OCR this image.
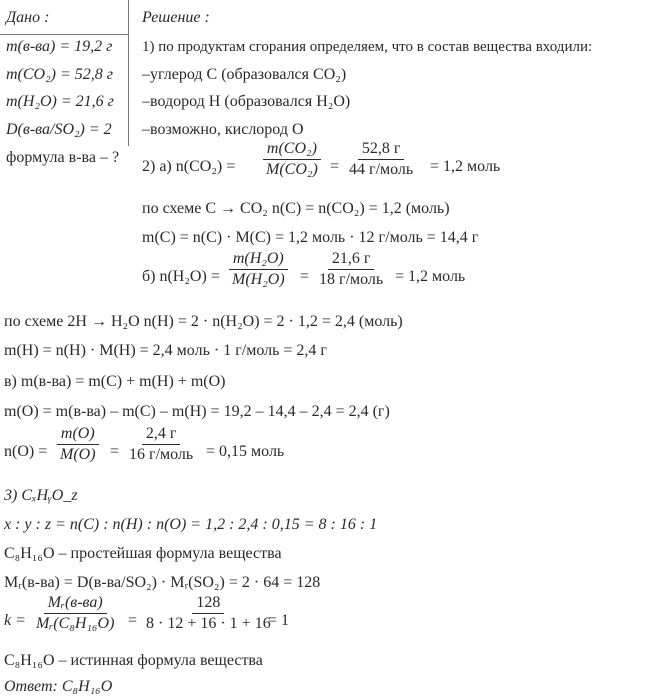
Дано :
m(в-ва) = 19,2 г
m(CO₂) = 52,8 г
m(H₂O) = 21,6 г
D(в-ва/SO₂) = 2
формула в-ва – ?
Решение :
1) по продуктам сгорания определяем, что в состав вещества входили:
–углерод C (образовался CO₂)
–водород H (образовался H₂O)
–возможно, кислород O
2) а) $n(CO_2) = \frac{\text{m(CO₂)}}{\text{M(CO₂)}}$ =
52,8 г
44 г/моль = 1,2 моль
по схеме C → CO₂ n(C) = n(CO₂) = 1,2 (моль)
m(C) = n(C) · M(C) = 1,2 моль · 12 г/моль = 14,4 г
б) $n(H_2O) = \frac{\text{m(H₂O)}}{\text{M(H₂O)}}$ =
21,6 г
18 г/моль = 1,2 моль
по схеме 2H → H₂O n(H) = 2 · n(H₂O) = 2 · 1,2 = 2,4 (моль)
m(H) = n(H) · M(H) = 2,4 моль · 1 г/моль = 2,4 г
в) m(в-ва) = m(C) + m(H) + m(O)
m(O) = m(в-ва) – m(C) – m(H) = 19,2 – 14,4 – 2,4 = 2,4 (г)
$n(O) = \frac{m(O)}{M(O)}$ =
2,4 г
16 г/моль = 0,15 моль
3) CₓHᵧO_z
x : y : z = n(C) : n(H) : n(O) = 1,2 : 2,4 : 0,15 = 8 : 16 : 1
C₈H₁₆O – простейшая формула вещества
Mᵣ(в-ва) = D(в-ва/SO₂) · Mᵣ(SO₂) = 2 · 64 = 128
k =
Mᵣ(в-ва)
Mᵣ(C₈H₁₆O) = $\frac{128}{8 \cdot 12 + 16 \cdot 1 + 16}$
= 1
C₈H₁₆O – истинная формула вещества
Ответ: C₈H₁₆O
